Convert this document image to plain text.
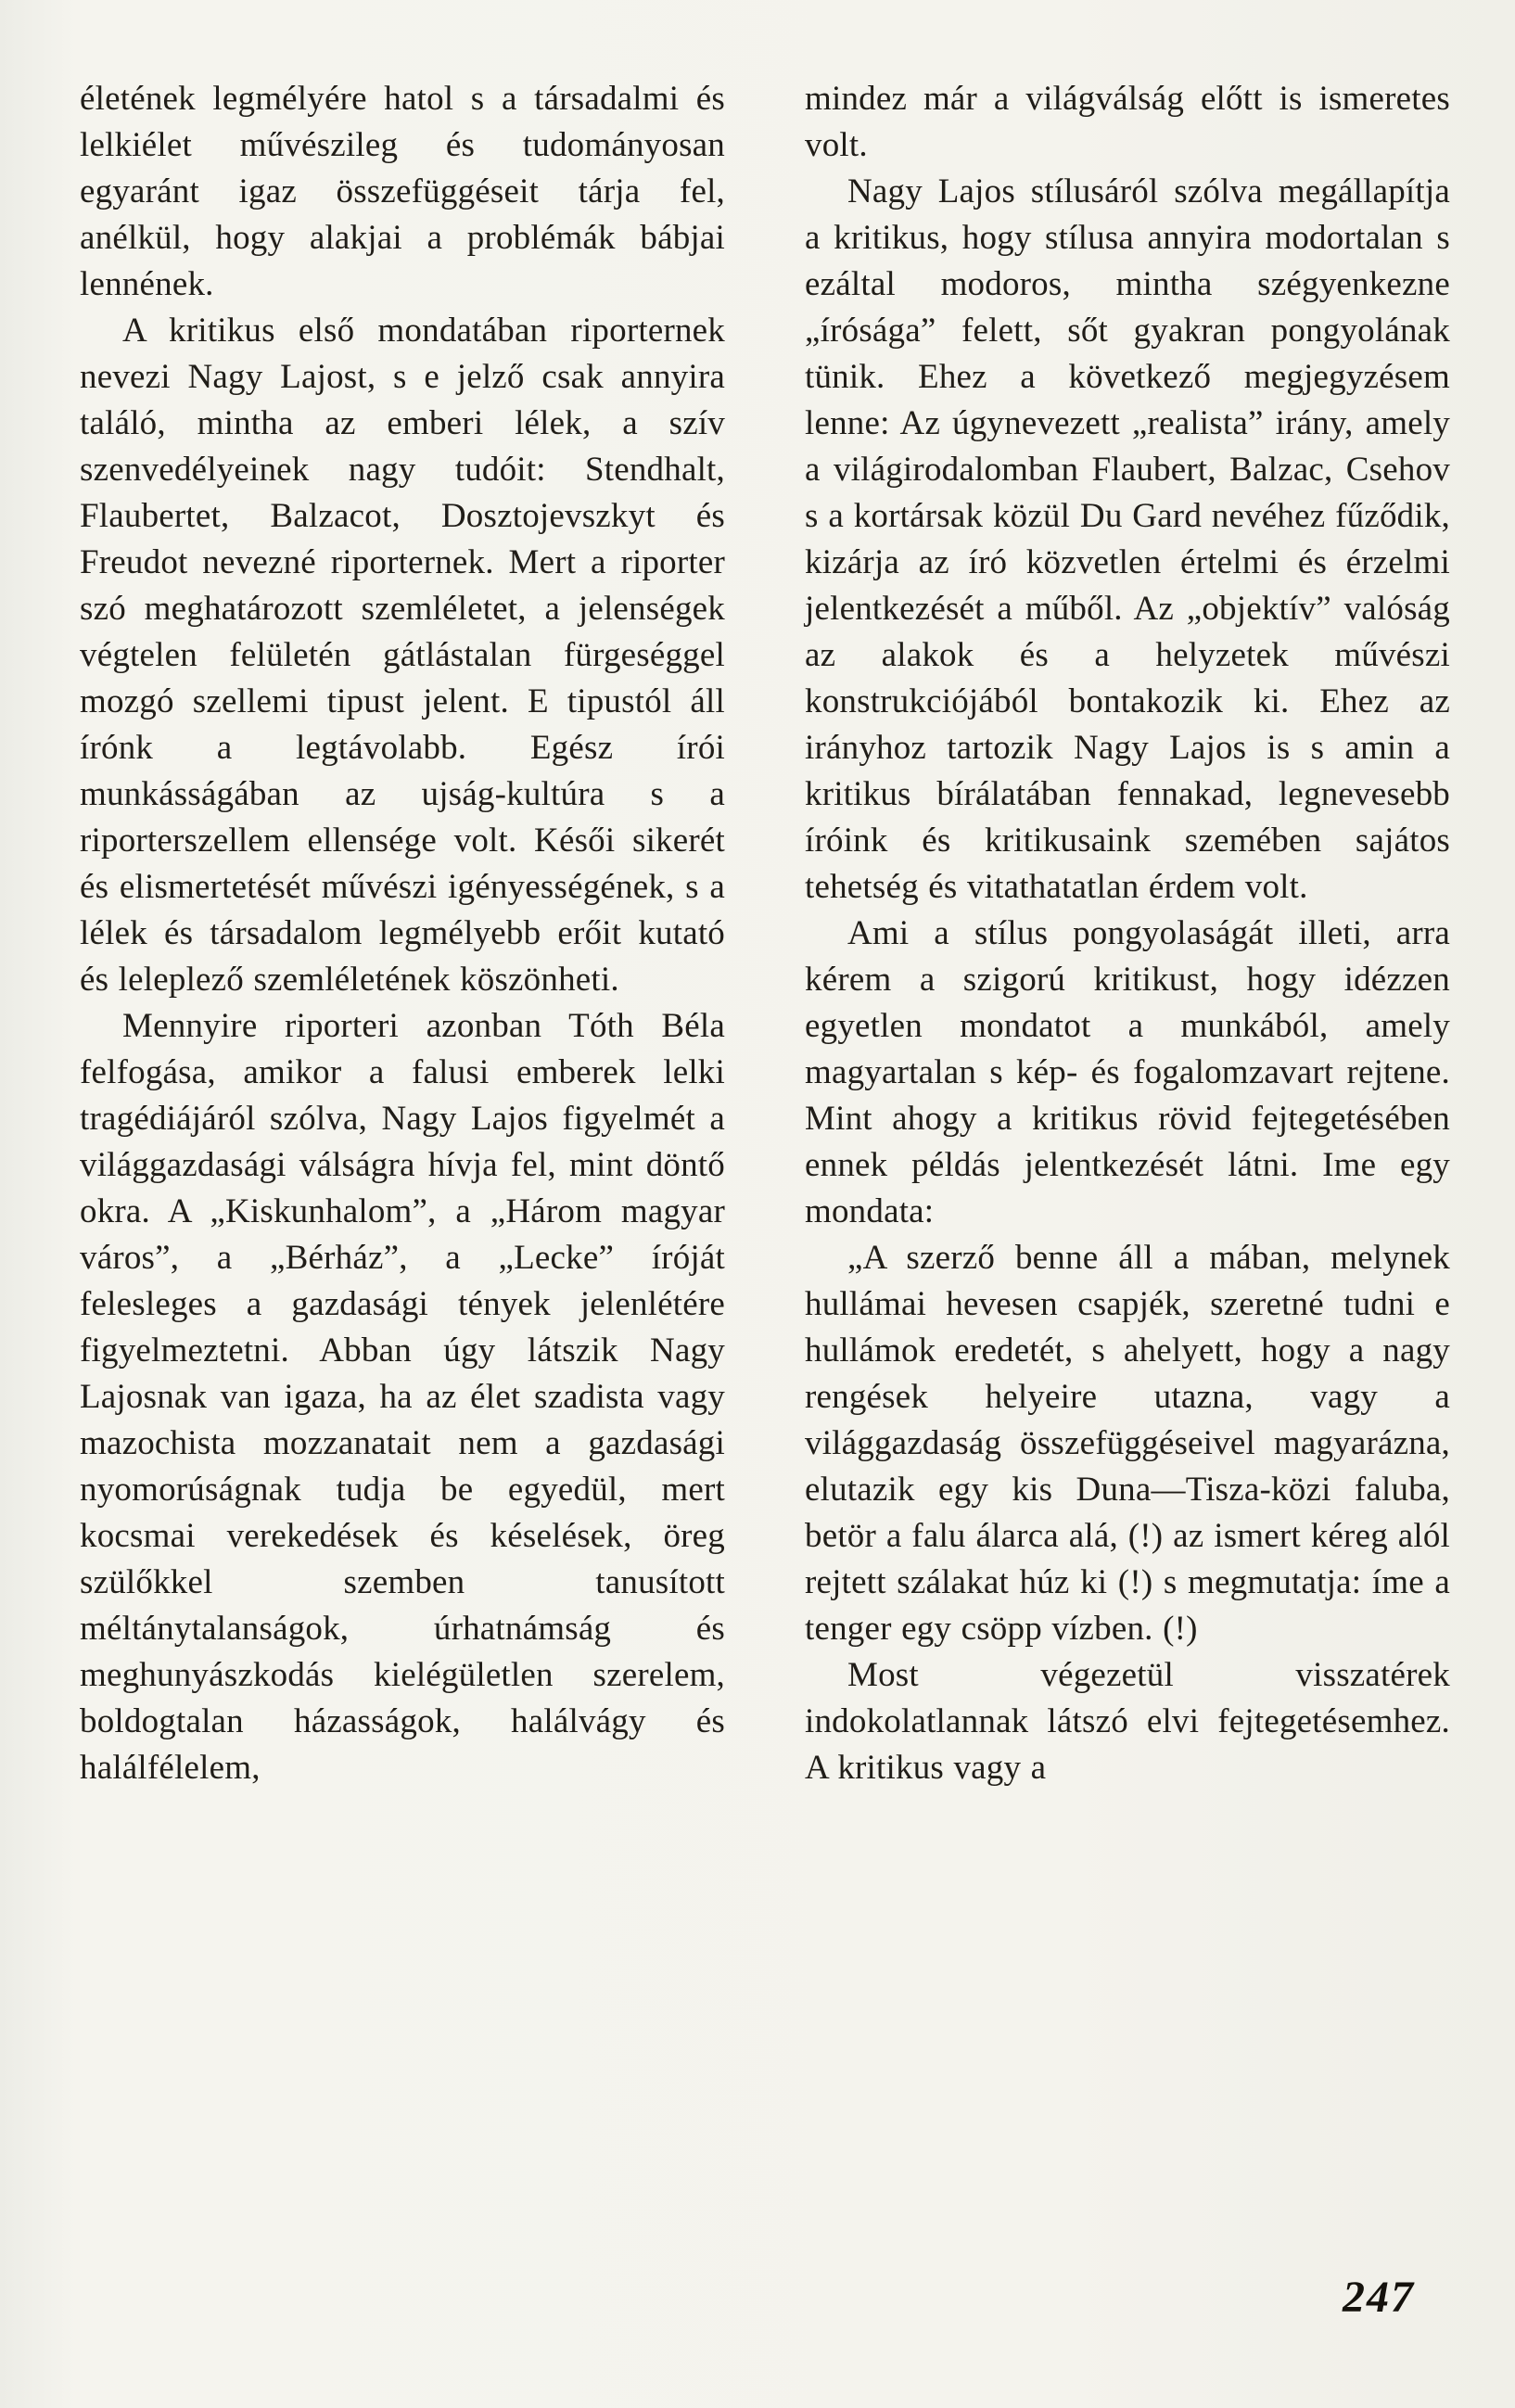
életének legmélyére hatol s a társadalmi és lelkiélet művészileg és tudományosan egyaránt igaz összefüggéseit tárja fel, anélkül, hogy alakjai a problémák bábjai lennének.

A kritikus első mondatában riporternek nevezi Nagy Lajost, s e jelző csak annyira találó, mintha az emberi lélek, a szív szenvedélyeinek nagy tudóit: Stendhalt, Flaubertet, Balzacot, Dosztojevszkyt és Freudot nevezné riporternek. Mert a riporter szó meghatározott szemléletet, a jelenségek végtelen felületén gátlástalan fürgeséggel mozgó szellemi tipust jelent. E tipustól áll írónk a legtávolabb. Egész írói munkásságában az ujság-kultúra s a riporterszellem ellensége volt. Késői sikerét és elismertetését művészi igényességének, s a lélek és társadalom legmélyebb erőit kutató és leleplező szemléletének köszönheti.

Mennyire riporteri azonban Tóth Béla felfogása, amikor a falusi emberek lelki tragédiájáról szólva, Nagy Lajos figyelmét a világgazdasági válságra hívja fel, mint döntő okra. A „Kiskunhalom”, a „Három magyar város”, a „Bérház”, a „Lecke” íróját felesleges a gazdasági tények jelenlétére figyelmeztetni. Abban úgy látszik Nagy Lajosnak van igaza, ha az élet szadista vagy mazochista mozzanatait nem a gazdasági nyomorúságnak tudja be egyedül, mert kocsmai verekedések és késelések, öreg szülőkkel szemben tanusított méltánytalanságok, úrhatnámság és meghunyászkodás kielégületlen szerelem, boldogtalan házasságok, halálvágy és halálfélelem,

mindez már a világválság előtt is ismeretes volt.

Nagy Lajos stílusáról szólva megállapítja a kritikus, hogy stílusa annyira modortalan s ezáltal modoros, mintha szégyenkezne „írósága” felett, sőt gyakran pongyolának tünik. Ehez a következő megjegyzésem lenne: Az úgynevezett „realista” irány, amely a világirodalomban Flaubert, Balzac, Csehov s a kortársak közül Du Gard nevéhez fűződik, kizárja az író közvetlen értelmi és érzelmi jelentkezését a műből. Az „objektív” valóság az alakok és a helyzetek művészi konstrukciójából bontakozik ki. Ehez az irányhoz tartozik Nagy Lajos is s amin a kritikus bírálatában fennakad, legnevesebb íróink és kritikusaink szemében sajátos tehetség és vitathatatlan érdem volt.

Ami a stílus pongyolaságát illeti, arra kérem a szigorú kritikust, hogy idézzen egyetlen mondatot a munkából, amely magyartalan s kép- és fogalomzavart rejtene. Mint ahogy a kritikus rövid fejtegetésében ennek példás jelentkezését látni. Ime egy mondata:

„A szerző benne áll a mában, melynek hullámai hevesen csapjék, szeretné tudni e hullámok eredetét, s ahelyett, hogy a nagy rengések helyeire utazna, vagy a világgazdaság összefüggéseivel magyarázna, elutazik egy kis Duna—Tisza-közi faluba, betör a falu álarca alá, (!) az ismert kéreg alól rejtett szálakat húz ki (!) s megmutatja: íme a tenger egy csöpp vízben. (!)

Most végezetül visszatérek indokolatlannak látszó elvi fejtegetésemhez. A kritikus vagy a

247
